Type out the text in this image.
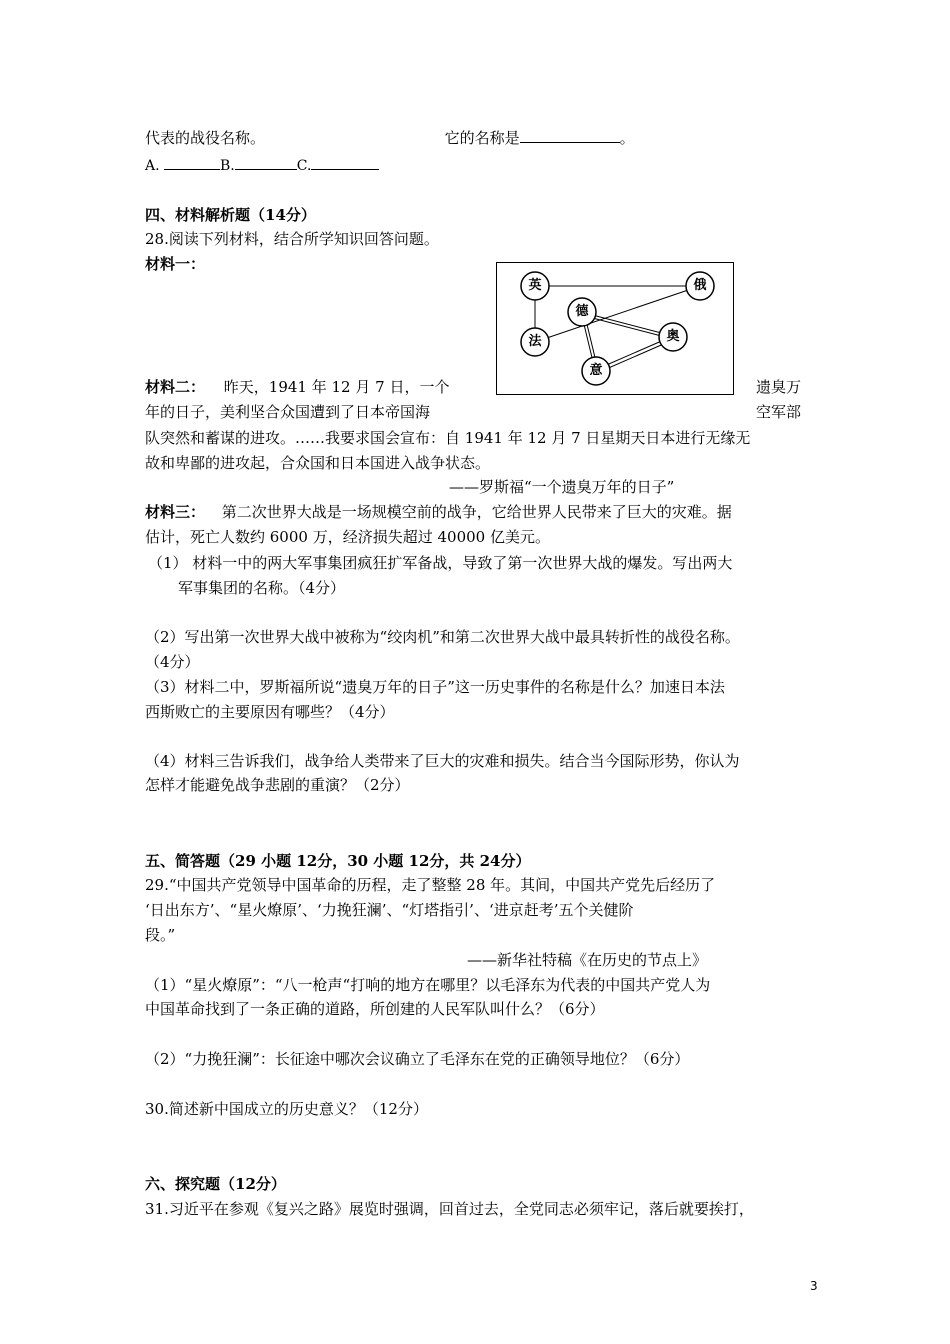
代表的战役名称。	它的名称是	。
A.	B.	C.
四、材料解析题（14分）
28.阅读下列材料，结合所学知识回答问题。
材料一：
英	俄
德
奥
法
意
材料二： 昨天，1941 年 12 月 7 日，一个	遗臭万
年的日子，美利坚合众国遭到了日本帝国海	空军部
队突然和蓄谋的进攻。……我要求国会宣布：自 1941 年 12 月 7 日星期天日本进行无缘无
故和卑鄙的进攻起，合众国和日本国进入战争状态。
——罗斯福“一个遗臭万年的日子”
材料三： 第二次世界大战是一场规模空前的战争，它给世界人民带来了巨大的灾难。据
估计，死亡人数约 6000 万，经济损失超过 40000 亿美元。
（1） 材料一中的两大军事集团疯狂扩军备战，导致了第一次世界大战的爆发。写出两大
军事集团的名称。（4分）
（2）写出第一次世界大战中被称为“绞肉机”和第二次世界大战中最具转折性的战役名称。
（4分）
（3）材料二中，罗斯福所说“遗臭万年的日子”这一历史事件的名称是什么？加速日本法
西斯败亡的主要原因有哪些？（4分）
（4）材料三告诉我们，战争给人类带来了巨大的灾难和损失。结合当今国际形势，你认为
怎样才能避免战争悲剧的重演？（2分）
五、简答题（29 小题 12分，30 小题 12分，共 24分）
29.“中国共产党领导中国革命的历程，走了整整 28 年。其间，中国共产党先后经历了
‘日出东方’、“星火燎原’、‘力挽狂澜’、“灯塔指引’、‘进京赶考’五个关健阶
段。”
——新华社特稿《在历史的节点上》
（1）“星火燎原”：“八一枪声“打响的地方在哪里？以毛泽东为代表的中国共产党人为
中国革命找到了一条正确的道路，所创建的人民军队叫什么？（6分）
（2）“力挽狂澜”：长征途中哪次会议确立了毛泽东在党的正确领导地位？（6分）
30.简述新中国成立的历史意义？（12分）
六、探究题（12分）
31.习近平在参观《复兴之路》展览时强调，回首过去，全党同志必须牢记，落后就要挨打，
3
